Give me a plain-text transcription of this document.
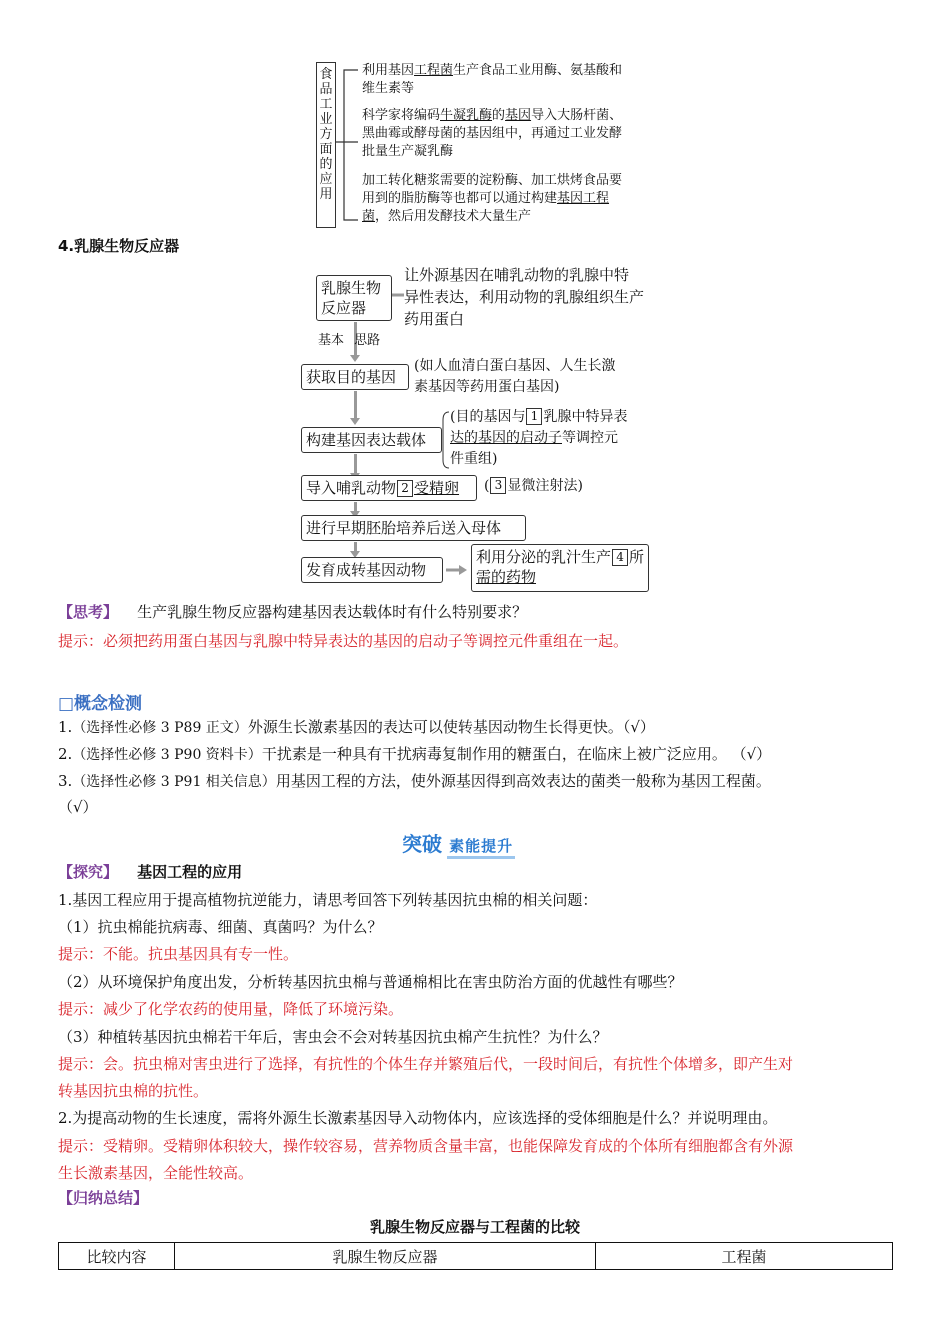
食
品
工
业
方
面
的
应
用
利用基因工程菌生产食品工业用酶、氨基酸和
维生素等
科学家将编码牛凝乳酶的基因导入大肠杆菌、
黑曲霉或酵母菌的基因组中，再通过工业发酵
批量生产凝乳酶
加工转化糖浆需要的淀粉酶、加工烘烤食品要
用到的脂肪酶等也都可以通过构建基因工程
菌，然后用发酵技术大量生产
4.乳腺生物反应器
乳腺生物反应器
让外源基因在哺乳动物的乳腺中特
异性表达，利用动物的乳腺组织生产
药用蛋白
基本 思路
获取目的基因
(如人血清白蛋白基因、人生长激
素基因等药用蛋白基因)
构建基因表达载体
(目的基因与 1 乳腺中特异表
达的基因的启动子等调控元
件重组)
导入哺乳动物 2 受精卵	( 3 显微注射法)
进行早期胚胎培养后送入母体
发育成转基因动物
利用分泌的乳汁生产 4 所
需的药物
【思考】 生产乳腺生物反应器构建基因表达载体时有什么特别要求？
提示：必须把药用蛋白基因与乳腺中特异表达的基因的启动子等调控元件重组在一起。
□概念检测
1.（选择性必修 3 P89 正文）外源生长激素基因的表达可以使转基因动物生长得更快。（√）
2.（选择性必修 3 P90 资料卡）干扰素是一种具有干扰病毒复制作用的糖蛋白，在临床上被广泛应用。 （√）
3.（选择性必修 3 P91 相关信息）用基因工程的方法，使外源基因得到高效表达的菌类一般称为基因工程菌。
（√）
突破 素能提升
【探究】 基因工程的应用
1.基因工程应用于提高植物抗逆能力，请思考回答下列转基因抗虫棉的相关问题：
（1）抗虫棉能抗病毒、细菌、真菌吗？为什么？
提示：不能。抗虫基因具有专一性。
（2）从环境保护角度出发，分析转基因抗虫棉与普通棉相比在害虫防治方面的优越性有哪些？
提示：减少了化学农药的使用量，降低了环境污染。
（3）种植转基因抗虫棉若干年后，害虫会不会对转基因抗虫棉产生抗性？为什么？
提示：会。抗虫棉对害虫进行了选择，有抗性的个体生存并繁殖后代，一段时间后，有抗性个体增多，即产生对
转基因抗虫棉的抗性。
2.为提高动物的生长速度，需将外源生长激素基因导入动物体内，应该选择的受体细胞是什么？并说明理由。
提示：受精卵。受精卵体积较大，操作较容易，营养物质含量丰富，也能保障发育成的个体所有细胞都含有外源
生长激素基因，全能性较高。
【归纳总结】
乳腺生物反应器与工程菌的比较
比较内容	乳腺生物反应器	工程菌
